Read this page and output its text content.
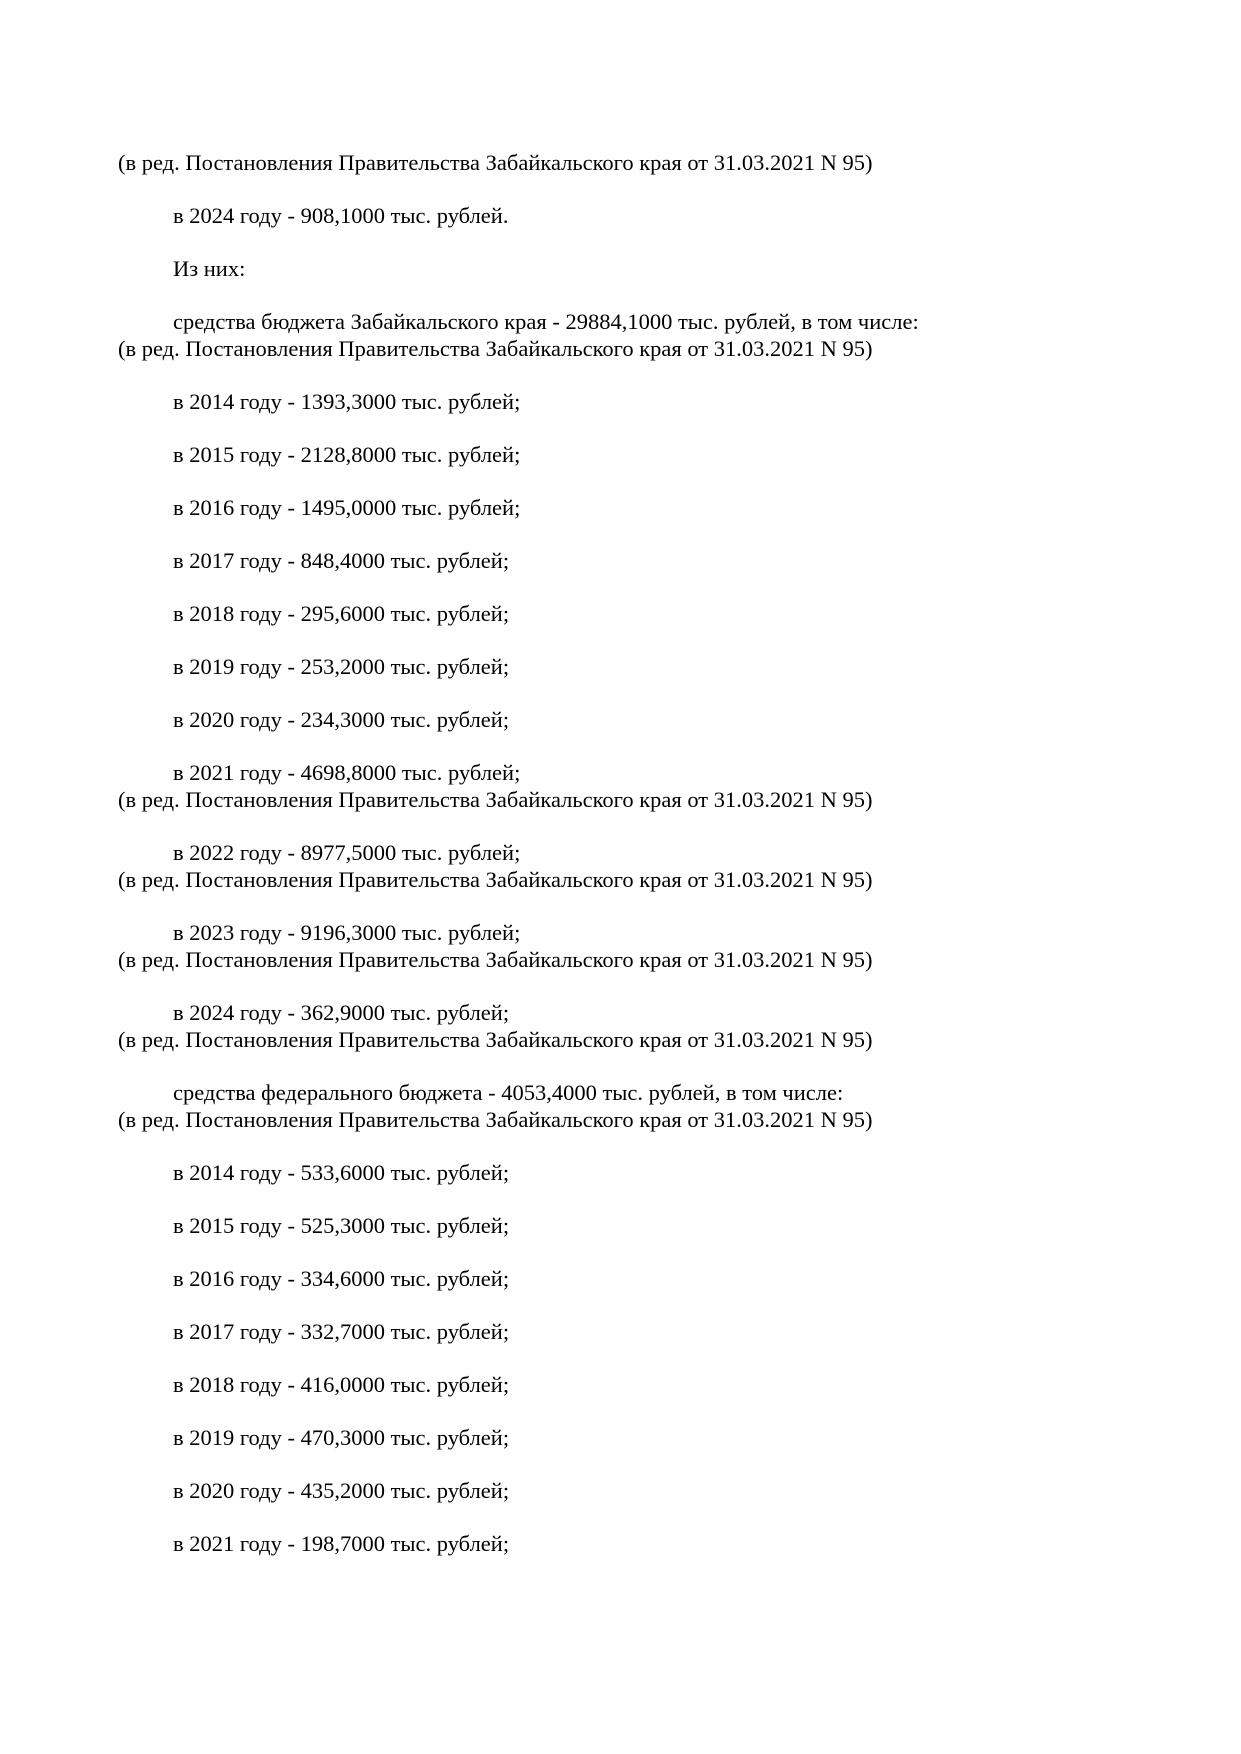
(в ред. Постановления Правительства Забайкальского края от 31.03.2021 N 95)
в 2024 году - 908,1000 тыс. рублей.
Из них:
средства бюджета Забайкальского края - 29884,1000 тыс. рублей, в том числе:
(в ред. Постановления Правительства Забайкальского края от 31.03.2021 N 95)
в 2014 году - 1393,3000 тыс. рублей;
в 2015 году - 2128,8000 тыс. рублей;
в 2016 году - 1495,0000 тыс. рублей;
в 2017 году - 848,4000 тыс. рублей;
в 2018 году - 295,6000 тыс. рублей;
в 2019 году - 253,2000 тыс. рублей;
в 2020 году - 234,3000 тыс. рублей;
в 2021 году - 4698,8000 тыс. рублей;
(в ред. Постановления Правительства Забайкальского края от 31.03.2021 N 95)
в 2022 году - 8977,5000 тыс. рублей;
(в ред. Постановления Правительства Забайкальского края от 31.03.2021 N 95)
в 2023 году - 9196,3000 тыс. рублей;
(в ред. Постановления Правительства Забайкальского края от 31.03.2021 N 95)
в 2024 году - 362,9000 тыс. рублей;
(в ред. Постановления Правительства Забайкальского края от 31.03.2021 N 95)
средства федерального бюджета - 4053,4000 тыс. рублей, в том числе:
(в ред. Постановления Правительства Забайкальского края от 31.03.2021 N 95)
в 2014 году - 533,6000 тыс. рублей;
в 2015 году - 525,3000 тыс. рублей;
в 2016 году - 334,6000 тыс. рублей;
в 2017 году - 332,7000 тыс. рублей;
в 2018 году - 416,0000 тыс. рублей;
в 2019 году - 470,3000 тыс. рублей;
в 2020 году - 435,2000 тыс. рублей;
в 2021 году - 198,7000 тыс. рублей;
